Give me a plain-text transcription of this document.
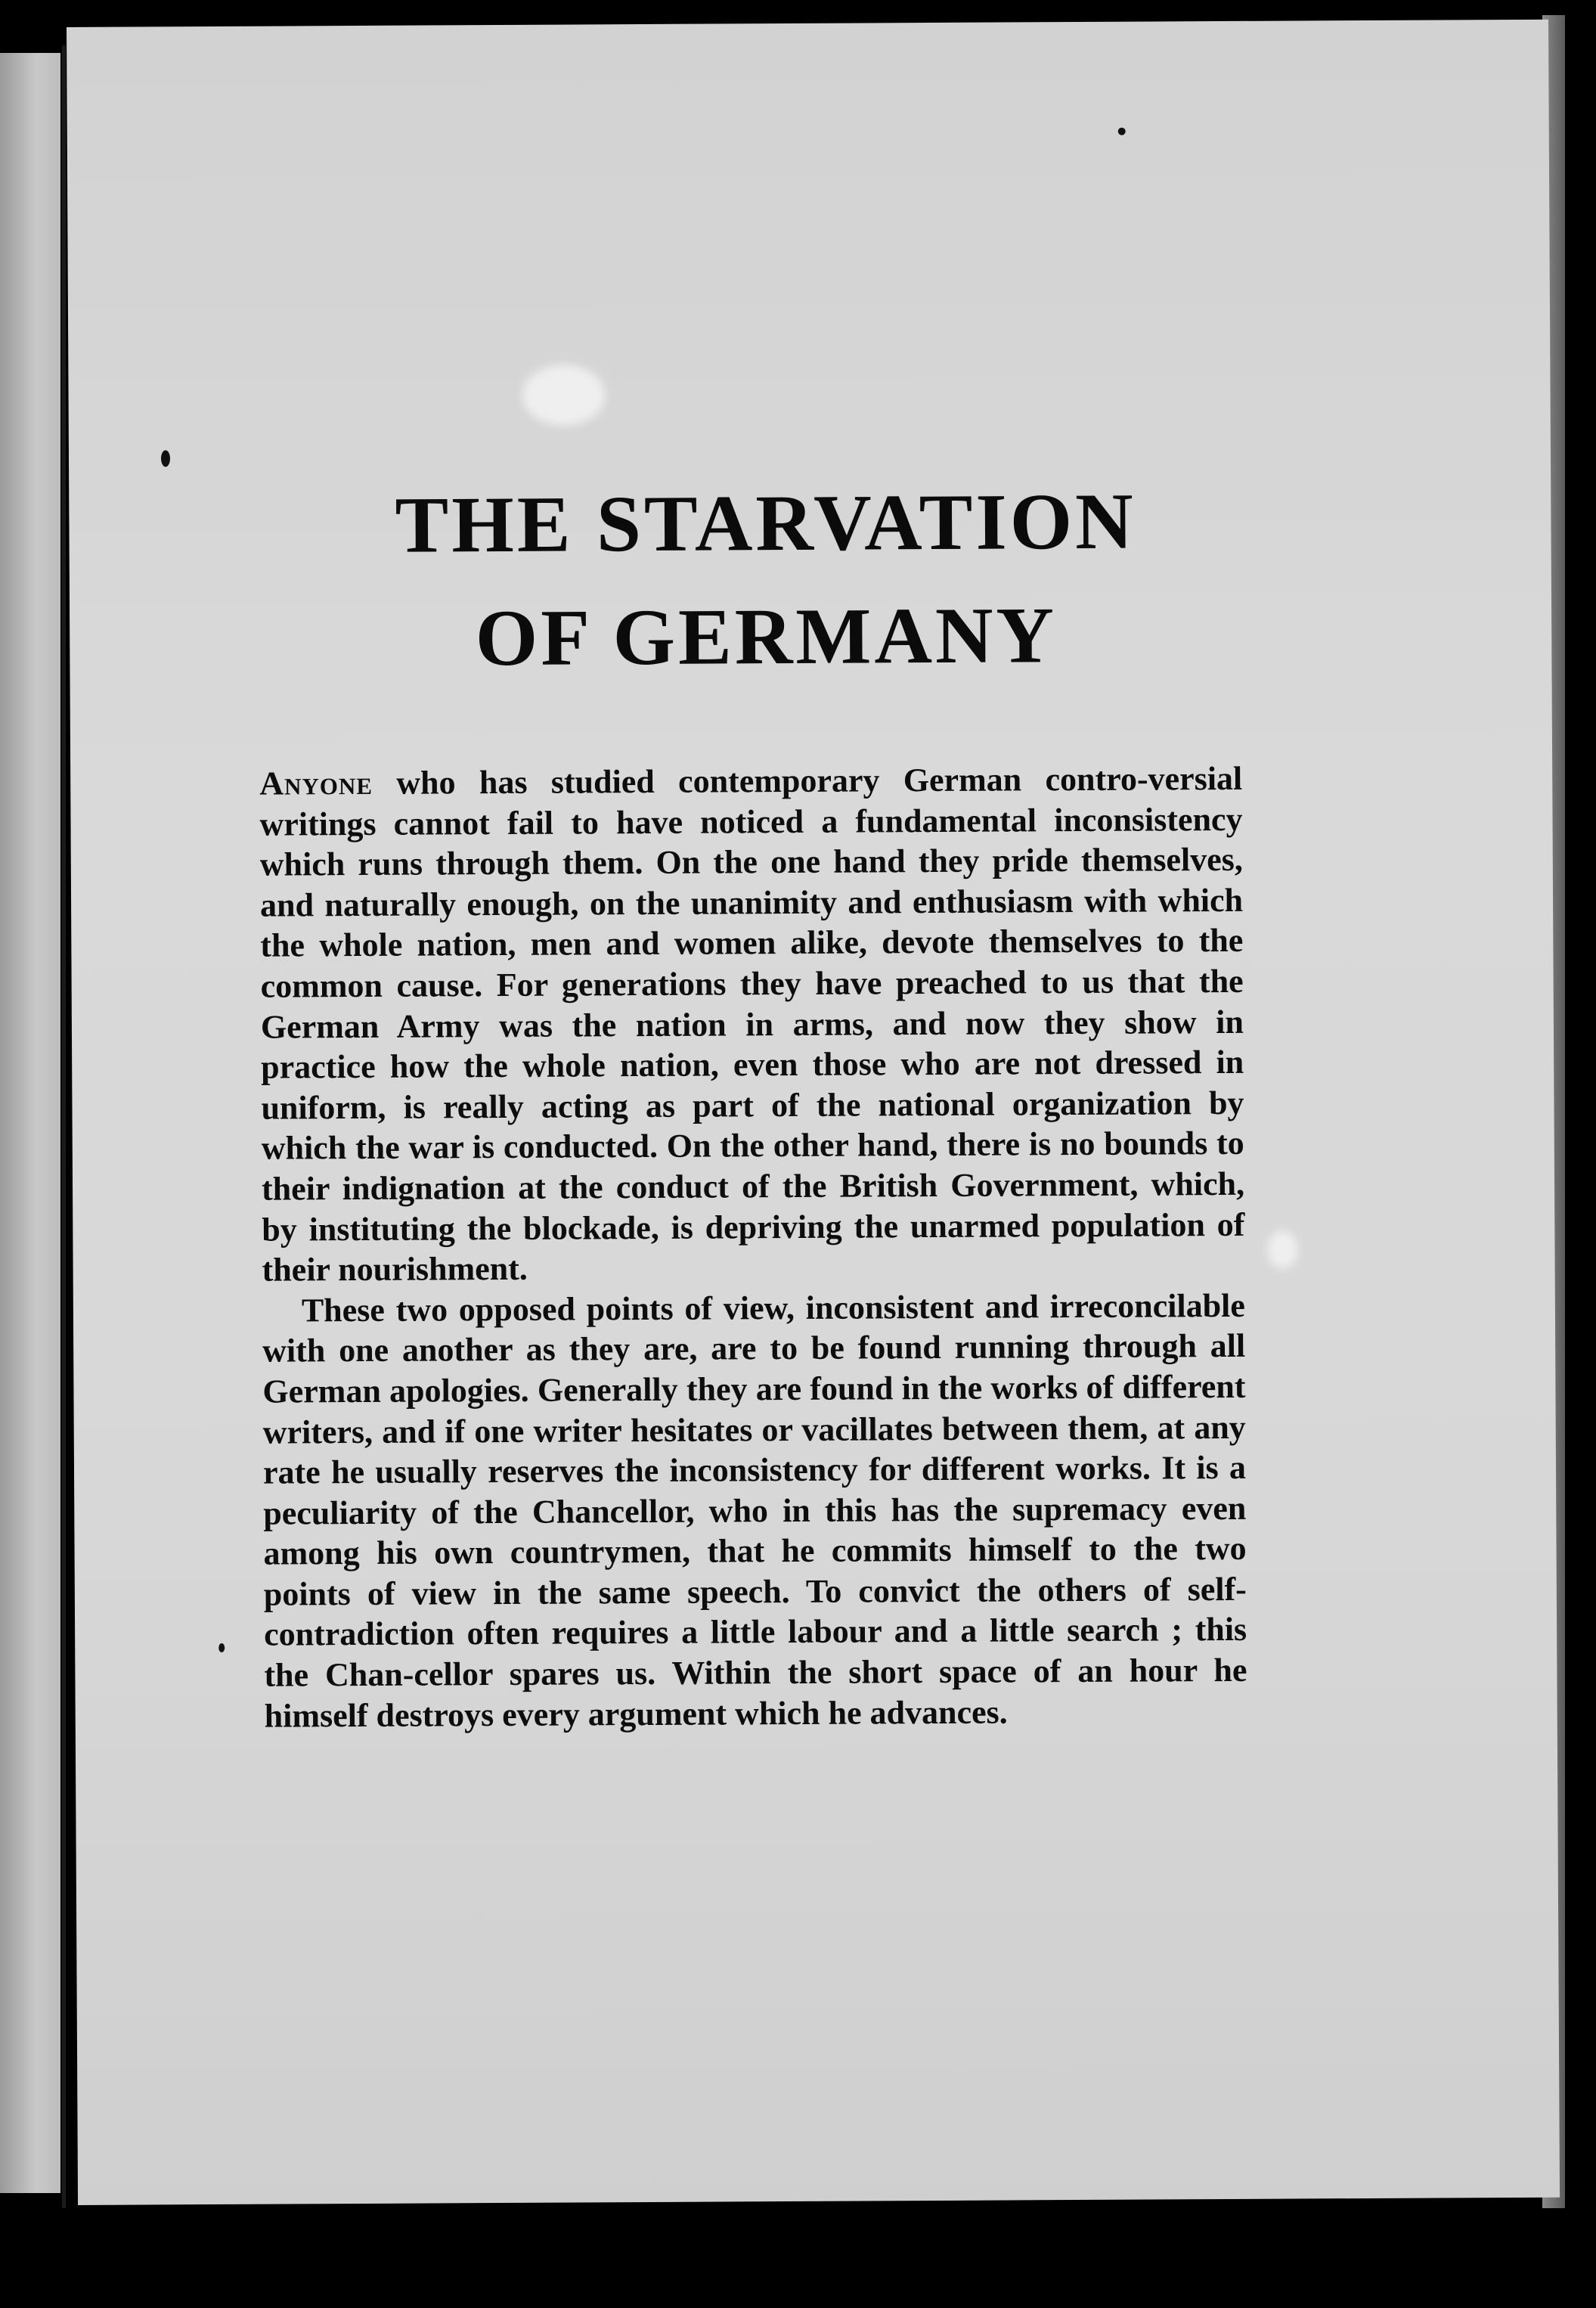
THE STARVATION
OF GERMANY

Anyone who has studied contemporary German contro-versial writings cannot fail to have noticed a fundamental inconsistency which runs through them. On the one hand they pride themselves, and naturally enough, on the unanimity and enthusiasm with which the whole nation, men and women alike, devote themselves to the common cause. For generations they have preached to us that the German Army was the nation in arms, and now they show in practice how the whole nation, even those who are not dressed in uniform, is really acting as part of the national organization by which the war is conducted. On the other hand, there is no bounds to their indignation at the conduct of the British Government, which, by instituting the blockade, is depriving the unarmed population of their nourishment.

These two opposed points of view, inconsistent and irreconcilable with one another as they are, are to be found running through all German apologies. Generally they are found in the works of different writers, and if one writer hesitates or vacillates between them, at any rate he usually reserves the inconsistency for different works. It is a peculiarity of the Chancellor, who in this has the supremacy even among his own countrymen, that he commits himself to the two points of view in the same speech. To convict the others of self-contradiction often requires a little labour and a little search ; this the Chan-cellor spares us. Within the short space of an hour he himself destroys every argument which he advances.
